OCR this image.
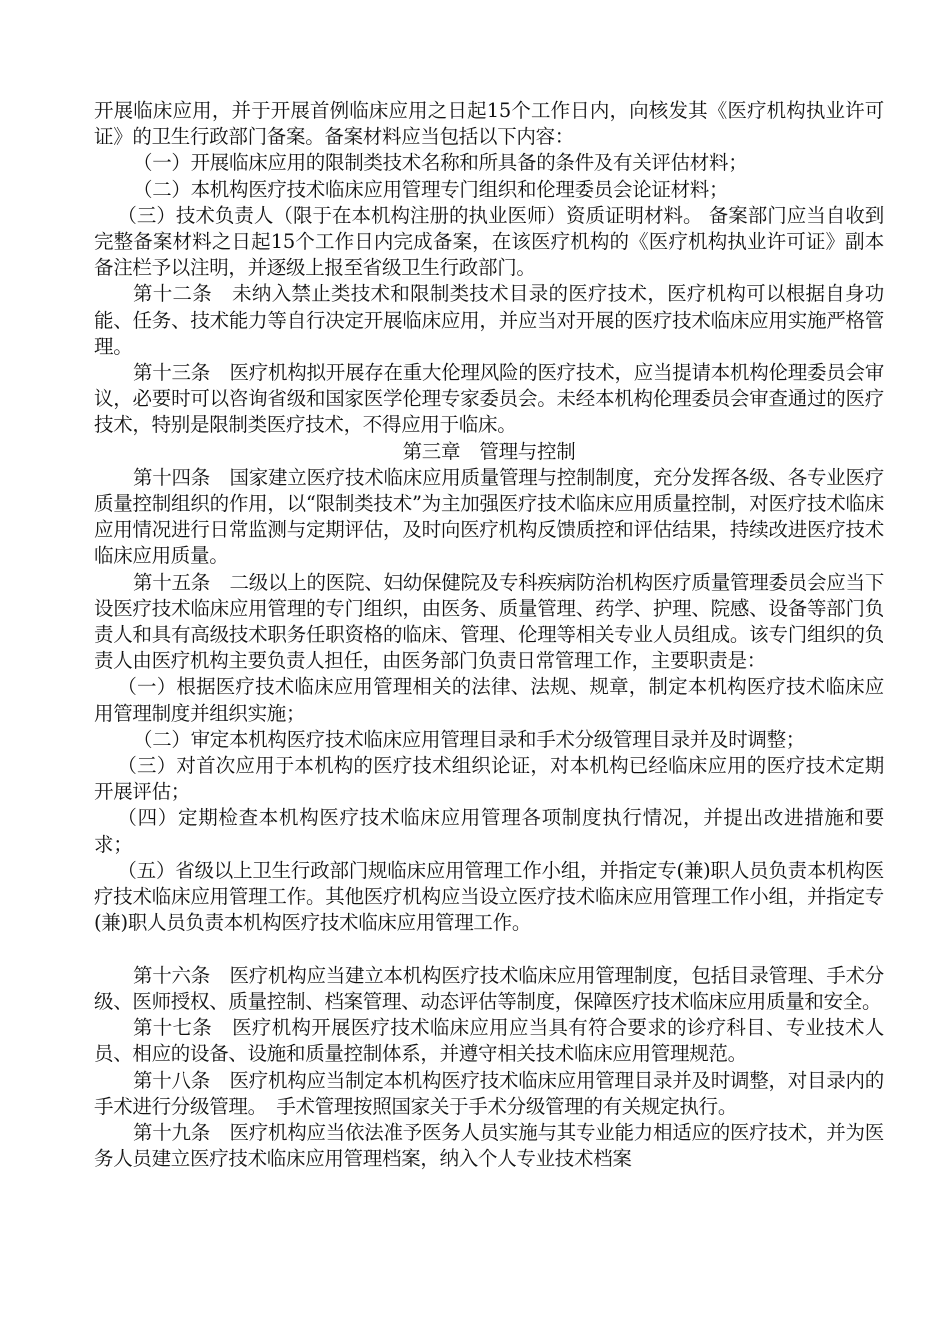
开展临床应用，并于开展首例临床应用之日起15个工作日内，向核发其《医疗机构执业许可证》的卫生行政部门备案。备案材料应当包括以下内容：

（一）开展临床应用的限制类技术名称和所具备的条件及有关评估材料；

（二）本机构医疗技术临床应用管理专门组织和伦理委员会论证材料；

（三）技术负责人（限于在本机构注册的执业医师）资质证明材料。 备案部门应当自收到完整备案材料之日起15个工作日内完成备案，在该医疗机构的《医疗机构执业许可证》副本备注栏予以注明，并逐级上报至省级卫生行政部门。

第十二条 未纳入禁止类技术和限制类技术目录的医疗技术，医疗机构可以根据自身功能、任务、技术能力等自行决定开展临床应用，并应当对开展的医疗技术临床应用实施严格管理。

第十三条 医疗机构拟开展存在重大伦理风险的医疗技术，应当提请本机构伦理委员会审议，必要时可以咨询省级和国家医学伦理专家委员会。未经本机构伦理委员会审查通过的医疗技术，特别是限制类医疗技术，不得应用于临床。

第三章　管理与控制

第十四条 国家建立医疗技术临床应用质量管理与控制制度，充分发挥各级、各专业医疗质量控制组织的作用，以“限制类技术”为主加强医疗技术临床应用质量控制，对医疗技术临床应用情况进行日常监测与定期评估，及时向医疗机构反馈质控和评估结果，持续改进医疗技术临床应用质量。

第十五条 二级以上的医院、妇幼保健院及专科疾病防治机构医疗质量管理委员会应当下设医疗技术临床应用管理的专门组织，由医务、质量管理、药学、护理、院感、设备等部门负责人和具有高级技术职务任职资格的临床、管理、伦理等相关专业人员组成。该专门组织的负责人由医疗机构主要负责人担任，由医务部门负责日常管理工作，主要职责是：

（一）根据医疗技术临床应用管理相关的法律、法规、规章，制定本机构医疗技术临床应用管理制度并组织实施；

（二）审定本机构医疗技术临床应用管理目录和手术分级管理目录并及时调整；

（三）对首次应用于本机构的医疗技术组织论证，对本机构已经临床应用的医疗技术定期开展评估；

（四）定期检查本机构医疗技术临床应用管理各项制度执行情况，并提出改进措施和要求；

（五）省级以上卫生行政部门规临床应用管理工作小组，并指定专(兼)职人员负责本机构医疗技术临床应用管理工作。其他医疗机构应当设立医疗技术临床应用管理工作小组，并指定专(兼)职人员负责本机构医疗技术临床应用管理工作。

第十六条 医疗机构应当建立本机构医疗技术临床应用管理制度，包括目录管理、手术分级、医师授权、质量控制、档案管理、动态评估等制度，保障医疗技术临床应用质量和安全。

第十七条 医疗机构开展医疗技术临床应用应当具有符合要求的诊疗科目、专业技术人员、相应的设备、设施和质量控制体系，并遵守相关技术临床应用管理规范。

第十八条 医疗机构应当制定本机构医疗技术临床应用管理目录并及时调整，对目录内的手术进行分级管理。　手术管理按照国家关于手术分级管理的有关规定执行。

第十九条 医疗机构应当依法准予医务人员实施与其专业能力相适应的医疗技术，并为医务人员建立医疗技术临床应用管理档案，纳入个人专业技术档案
